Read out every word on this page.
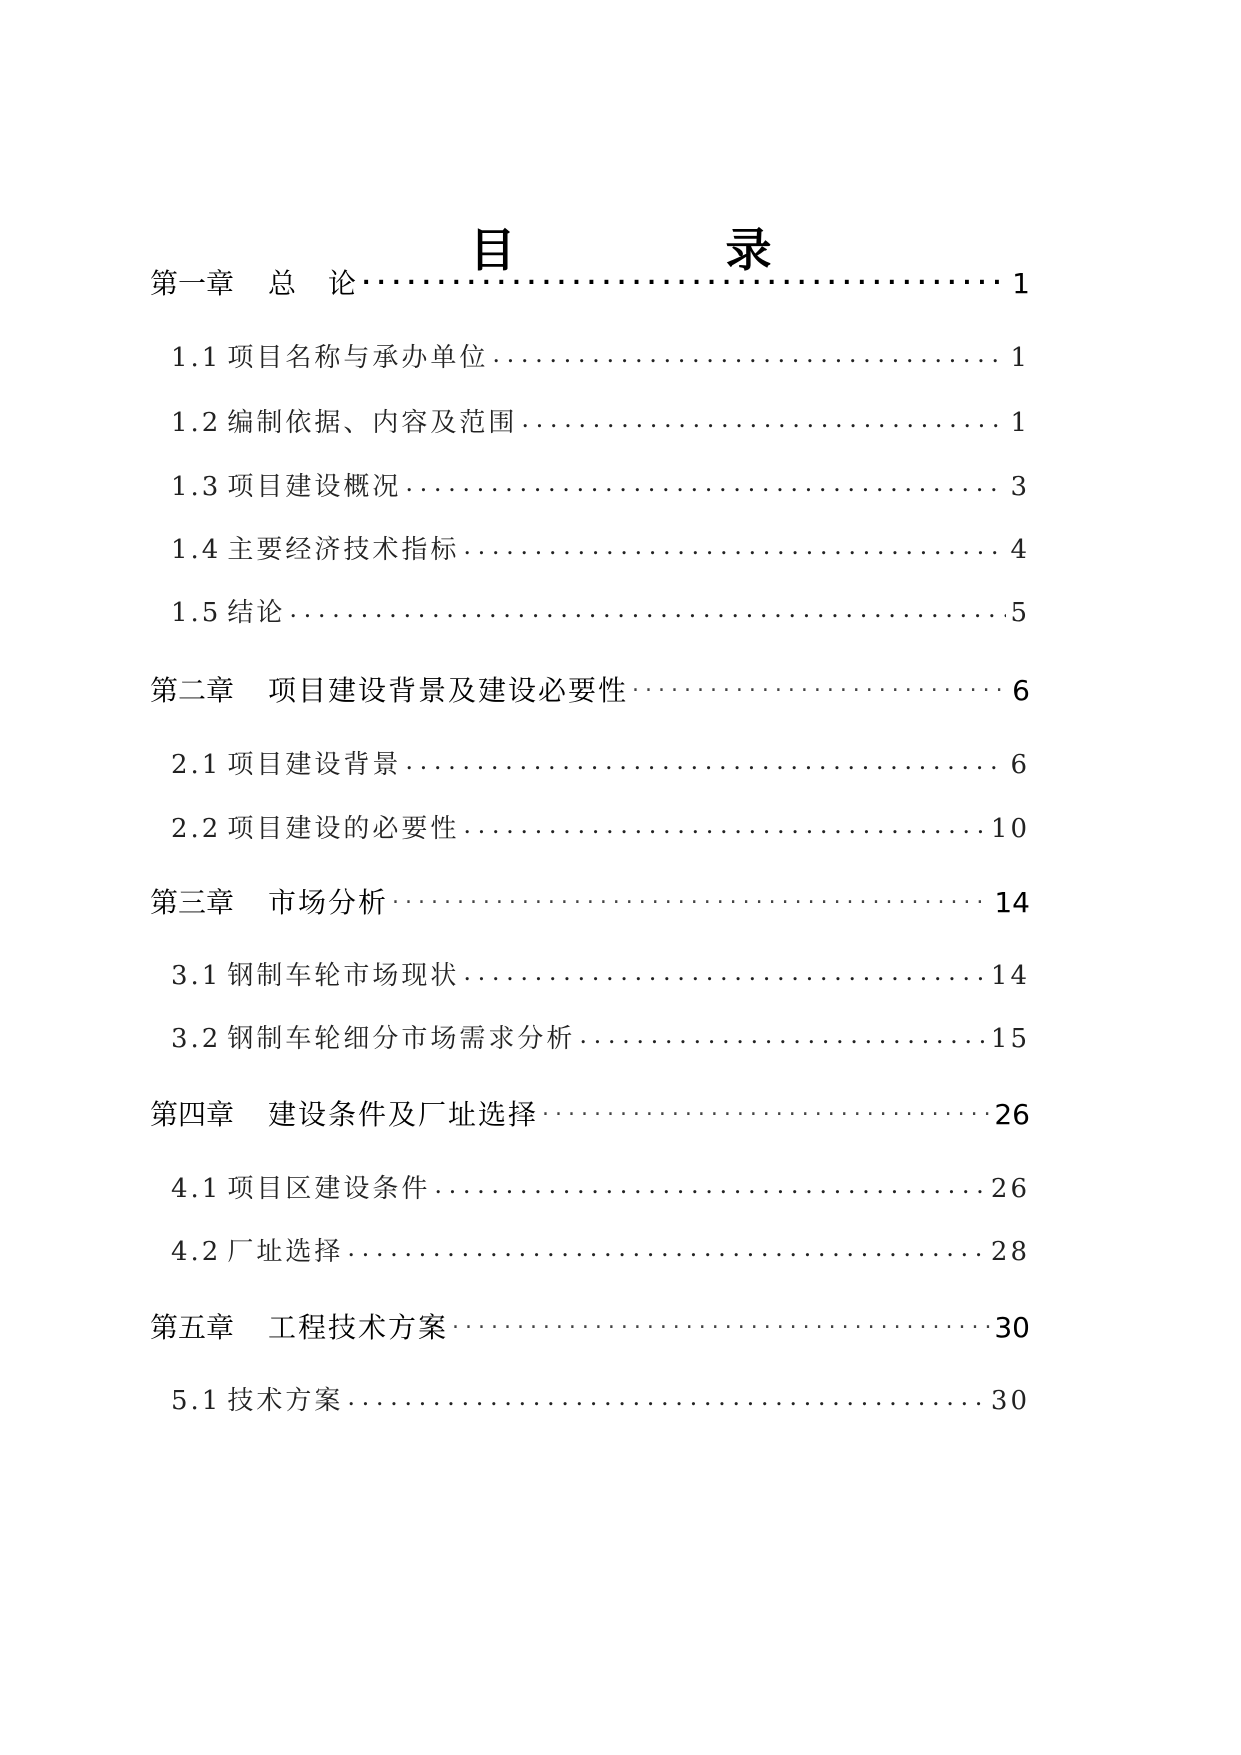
目　录
第一章 总　论 . . .	1
1.1 项目名称与承办单位 . . .	1
1.2 编制依据、内容及范围 . . .	1
1.3 项目建设概况 . . .	3
1.4 主要经济技术指标 . . .	4
1.5 结论 . . .	5
第二章 项目建设背景及建设必要性 . . .	6
2.1 项目建设背景 . . .	6
2.2 项目建设的必要性 . . .	10
第三章 市场分析 . . .	14
3.1 钢制车轮市场现状 . . .	14
3.2 钢制车轮细分市场需求分析 . . .	15
第四章 建设条件及厂址选择 . . .	26
4.1 项目区建设条件 . . .	26
4.2 厂址选择 . . .	28
第五章 工程技术方案 . . .	30
5.1 技术方案 . . .	30
